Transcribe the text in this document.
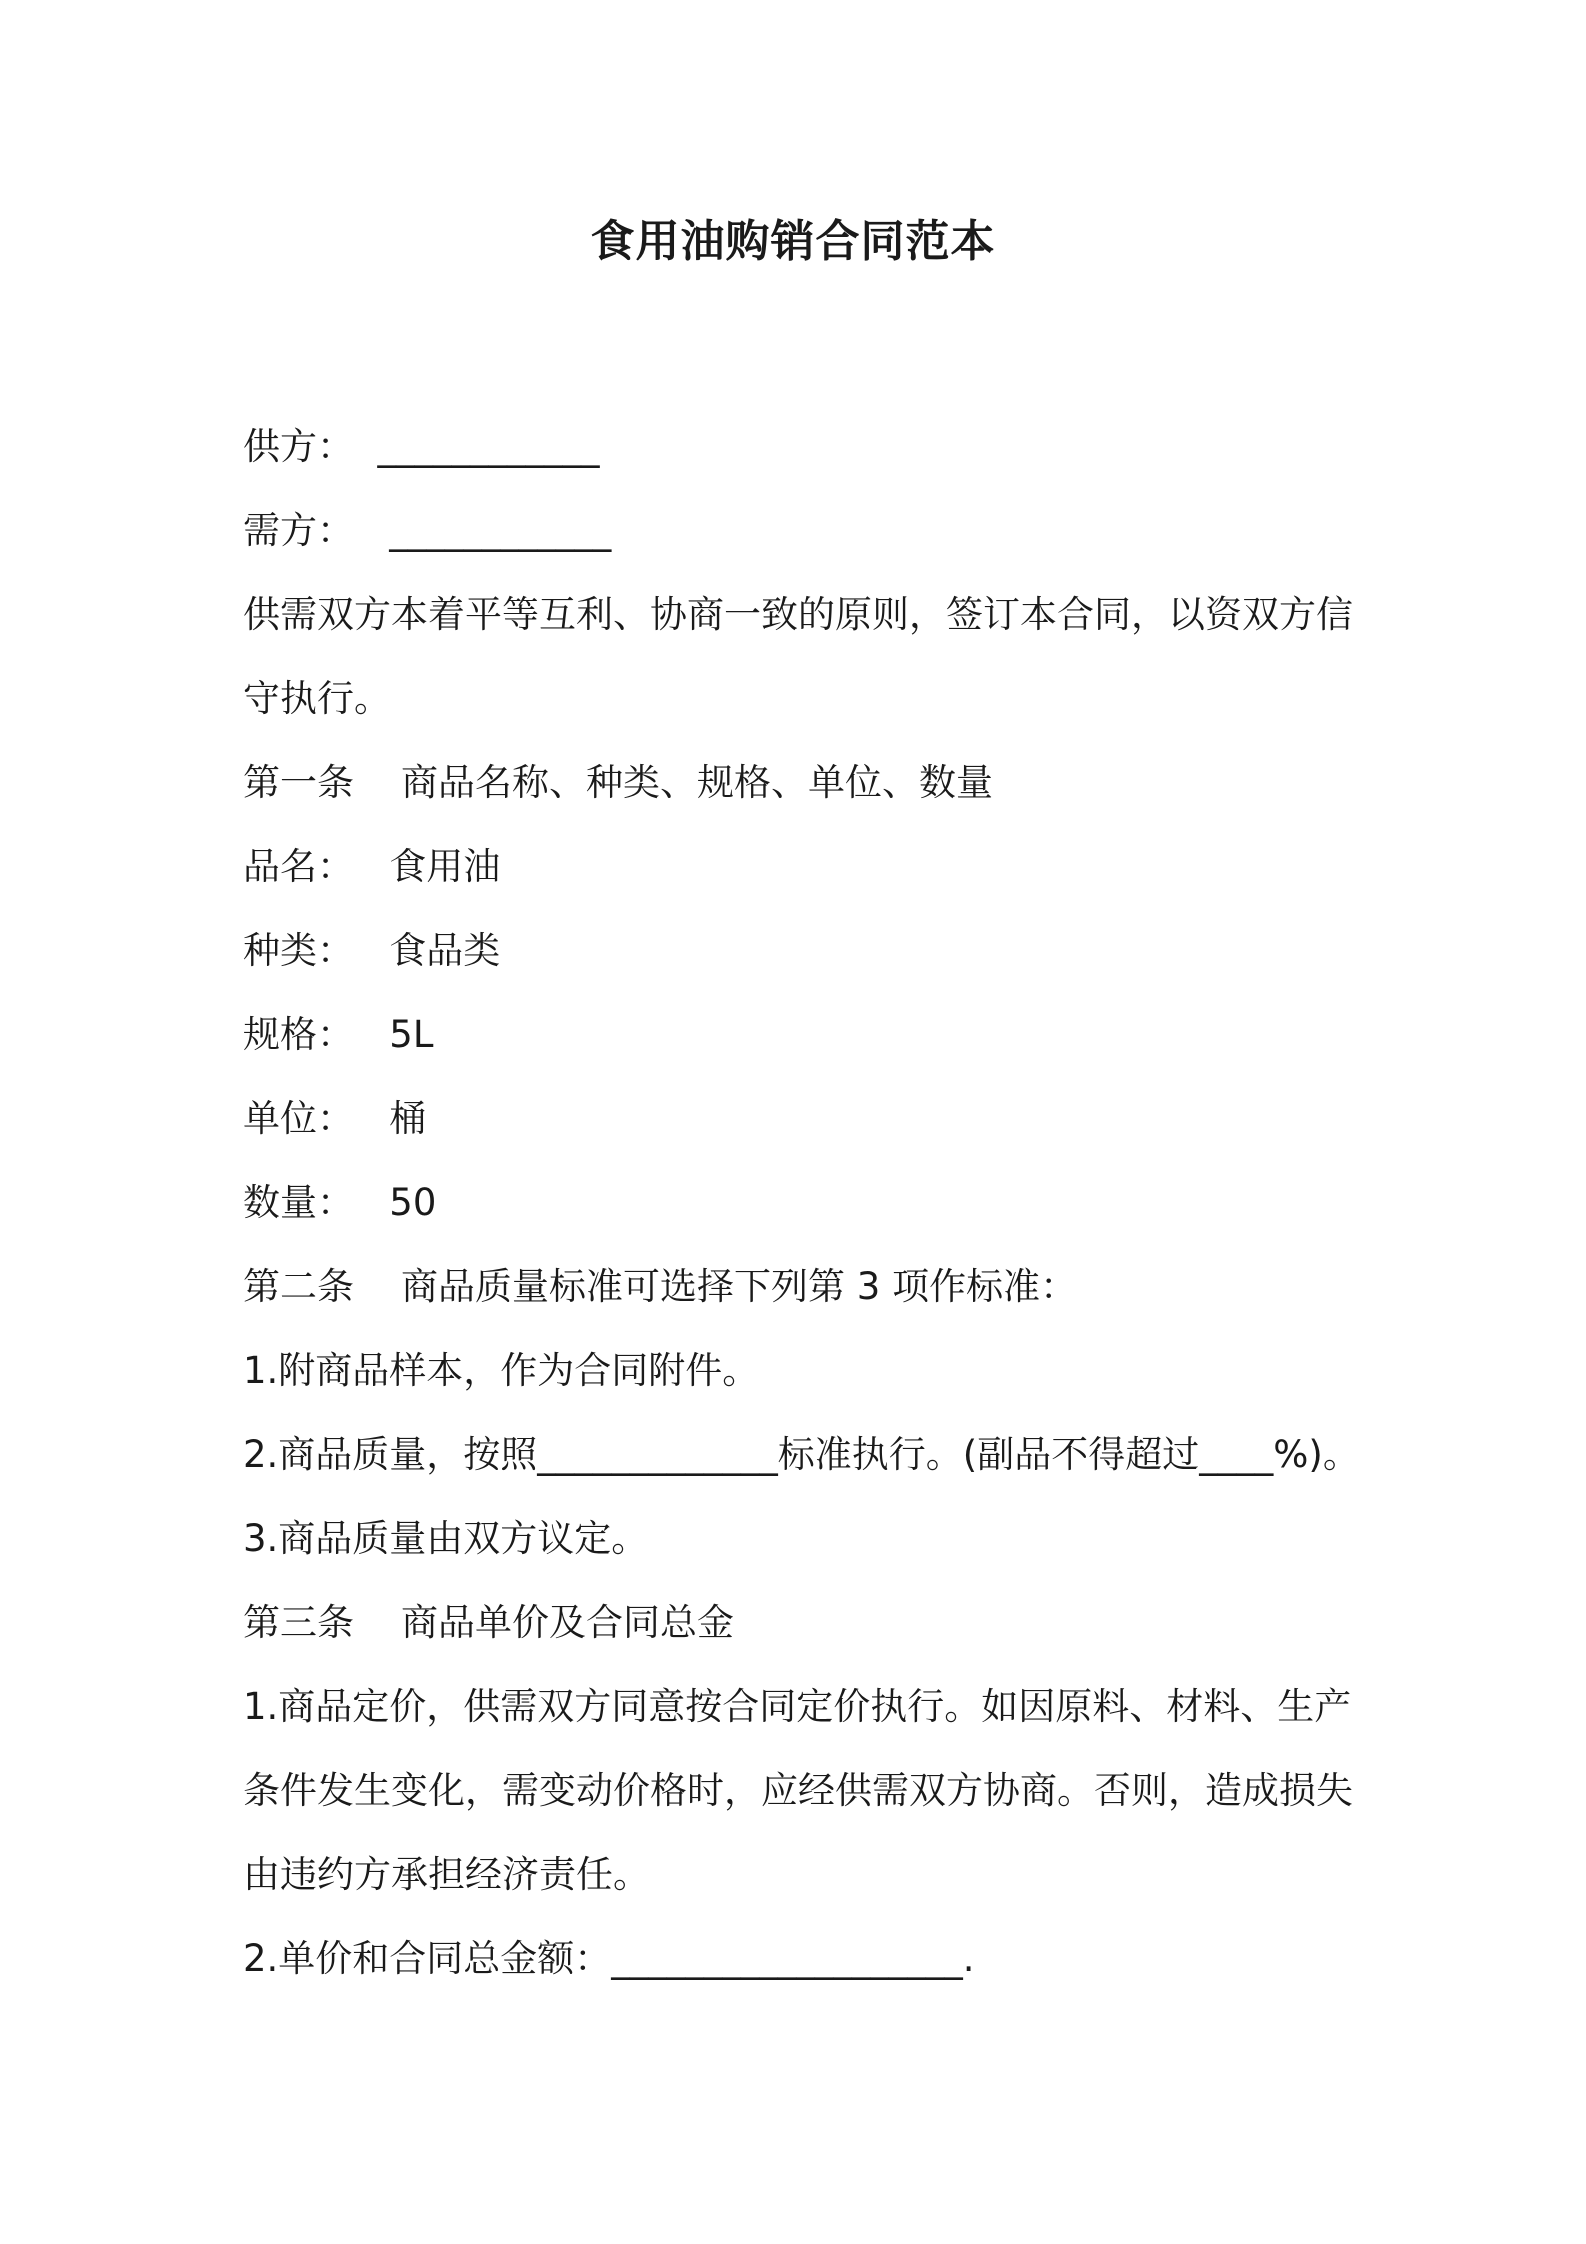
食用油购销合同范本
供方：  ____________
需方：   ____________
供需双方本着平等互利、协商一致的原则，签订本合同，以资双方信守执行。
第一条    商品名称、种类、规格、单位、数量
品名：   食用油
种类：   食品类
规格：   5L
单位：   桶
数量：   50
第二条    商品质量标准可选择下列第 3 项作标准：
1.附商品样本，作为合同附件。
2.商品质量，按照_____________标准执行。(副品不得超过____%)。
3.商品质量由双方议定。
第三条    商品单价及合同总金
1.商品定价，供需双方同意按合同定价执行。如因原料、材料、生产条件发生变化，需变动价格时，应经供需双方协商。否则，造成损失由违约方承担经济责任。
2.单价和合同总金额：___________________.
